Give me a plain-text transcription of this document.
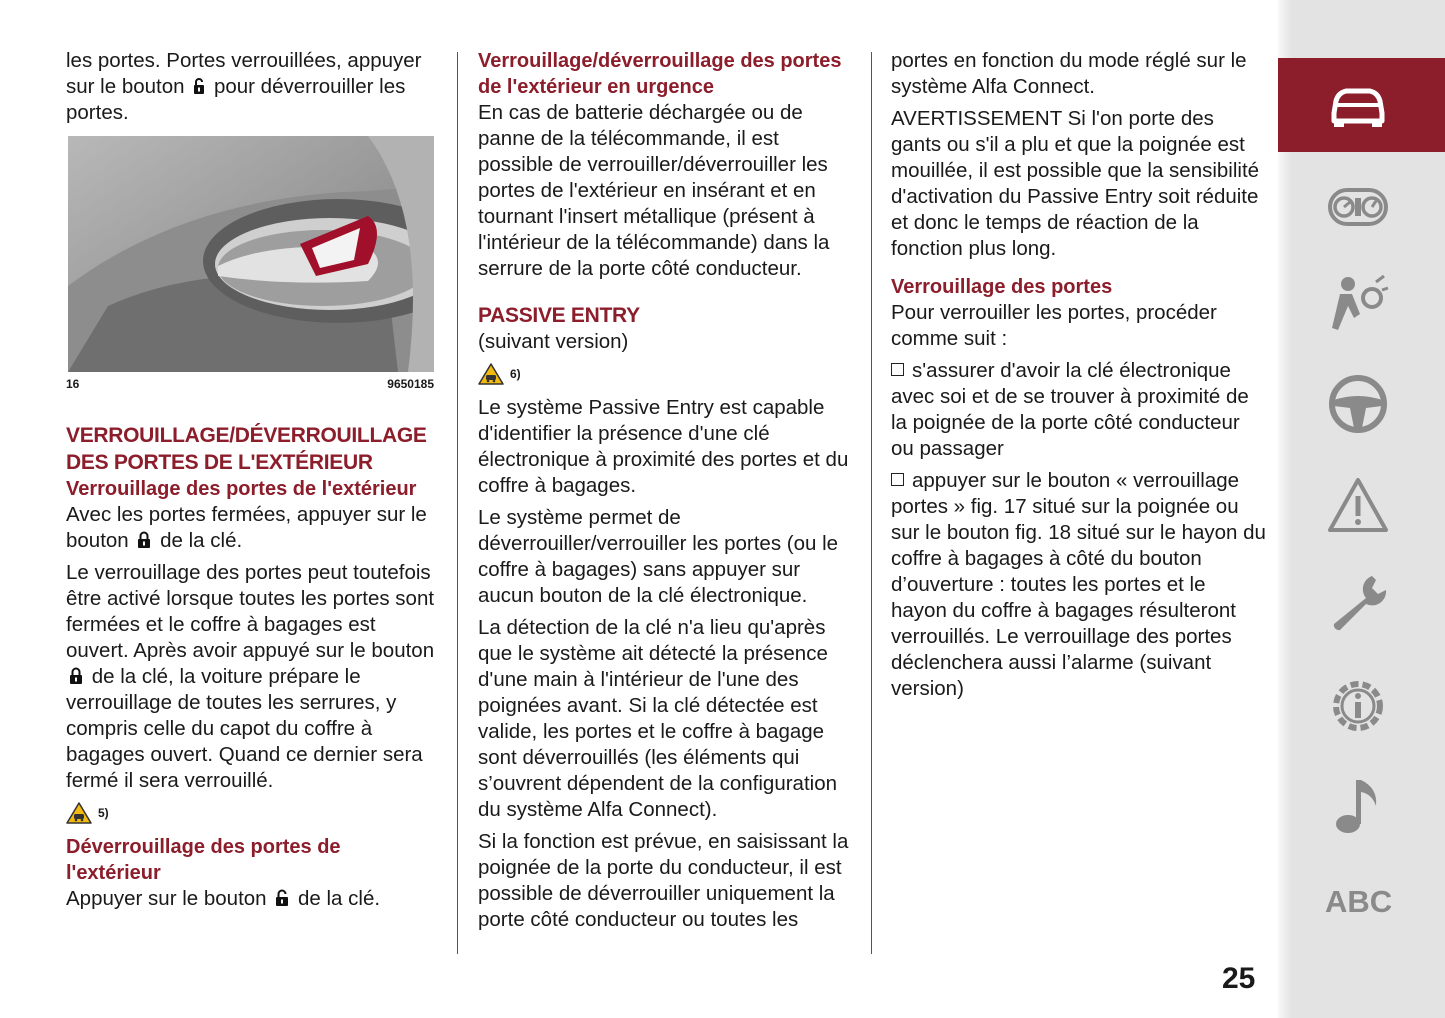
les portes. Portes verrouillées, appuyer sur le bouton pour déverrouiller les portes.

16	9650185
VERROUILLAGE/DÉVERROUILLAGE
DES PORTES DE L'EXTÉRIEUR
Verrouillage des portes de l'extérieur

Avec les portes fermées, appuyer sur le bouton de la clé.

Le verrouillage des portes peut toutefois être activé lorsque toutes les portes sont fermées et le coffre à bagages est ouvert. Après avoir appuyé sur le bouton  de la clé, la voiture prépare le verrouillage de toutes les serrures, y compris celle du capot du coffre à bagages ouvert. Quand ce dernier sera fermé il sera verrouillé.

5)
Déverrouillage des portes de l'extérieur

Appuyer sur le bouton de la clé.

Verrouillage/déverrouillage des portes de l'extérieur en urgence

En cas de batterie déchargée ou de panne de la télécommande, il est possible de verrouiller/déverrouiller les portes de l'extérieur en insérant et en tournant l'insert métallique (présent à l'intérieur de la télécommande) dans la serrure de la porte côté conducteur.

PASSIVE ENTRY

(suivant version)

6)

Le système Passive Entry est capable d'identifier la présence d'une clé électronique à proximité des portes et du coffre à bagages.

Le système permet de déverrouiller/verrouiller les portes (ou le coffre à bagages) sans appuyer sur aucun bouton de la clé électronique.

La détection de la clé n'a lieu qu'après que le système ait détecté la présence d'une main à l'intérieur de l'une des poignées avant. Si la clé détectée est valide, les portes et le coffre à bagage sont déverrouillés (les éléments qui s’ouvrent dépendent de la configuration du système Alfa Connect).

Si la fonction est prévue, en saisissant la poignée de la porte du conducteur, il est possible de déverrouiller uniquement la porte côté conducteur ou toutes les

portes en fonction du mode réglé sur le système Alfa Connect.

AVERTISSEMENT Si l'on porte des gants ou s'il a plu et que la poignée est mouillée, il est possible que la sensibilité d'activation du Passive Entry soit réduite et donc le temps de réaction de la fonction plus long.

Verrouillage des portes

Pour verrouiller les portes, procéder comme suit :

s'assurer d'avoir la clé électronique avec soi et de se trouver à proximité de la poignée de la porte côté conducteur ou passager

appuyer sur le bouton « verrouillage portes » fig. 17 situé sur la poignée ou sur le bouton fig. 18 situé sur le hayon du coffre à bagages à côté du bouton d’ouverture : toutes les portes et le hayon du coffre à bagages résulteront verrouillés. Le verrouillage des portes déclenchera aussi l’alarme (suivant version)

ABC
25
